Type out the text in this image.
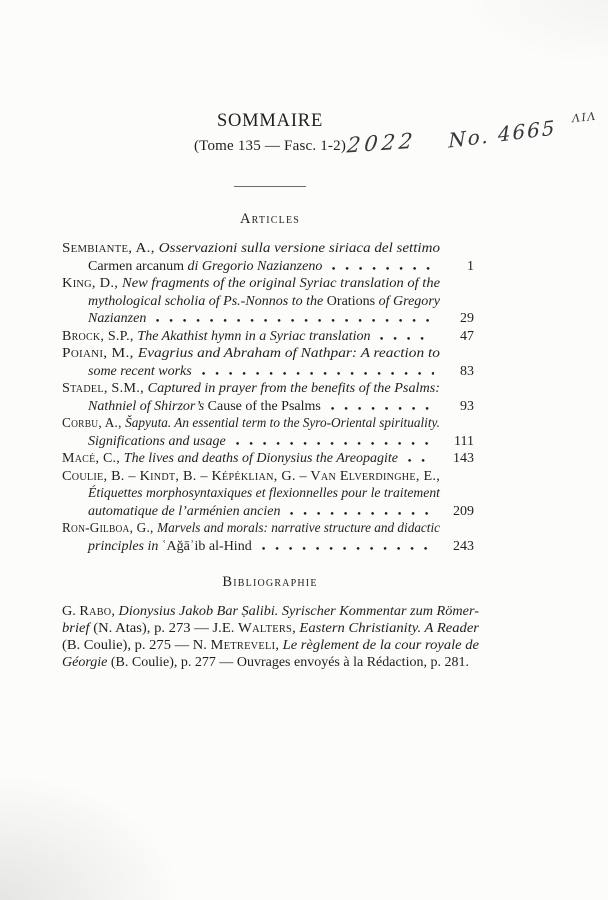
ΛΙΛ
2022 No. 4665
SOMMAIRE
(Tome 135 — Fasc. 1-2)
Articles
Sembiante, A., Osservazioni sulla versione siriaca del settimo
Carmen arcanum di Gregorio Nazianzeno	1
King, D., New fragments of the original Syriac translation of the
mythological scholia of Ps.-Nonnos to the Orations of Gregory
Nazianzen	29
Brock, S.P., The Akathist hymn in a Syriac translation	47
Poiani, M., Evagrius and Abraham of Nathpar: A reaction to
some recent works	83
Stadel, S.M., Captured in prayer from the benefits of the Psalms:
Nathniel of Shirzor’s Cause of the Psalms	93
Corbu, A., Šapyuta. An essential term to the Syro-Oriental spirituality.
Significations and usage	111
Macé, C., The lives and deaths of Dionysius the Areopagite	143
Coulie, B. – Kindt, B. – Képéklian, G. – Van Elverdinghe, E.,
Étiquettes morphosyntaxiques et flexionnelles pour le traitement
automatique de l’arménien ancien	209
Ron-Gilboa, G., Marvels and morals: narrative structure and didactic
principles in ʿAğāʾib al-Hind	243
Bibliographie
G. Rabo, Dionysius Jakob Bar Ṣalibi. Syrischer Kommentar zum Römer-
brief (N. Atas), p. 273 — J.E. Walters, Eastern Christianity. A Reader
(B. Coulie), p. 275 — N. Metreveli, Le règlement de la cour royale de
Géorgie (B. Coulie), p. 277 — Ouvrages envoyés à la Rédaction, p. 281.
